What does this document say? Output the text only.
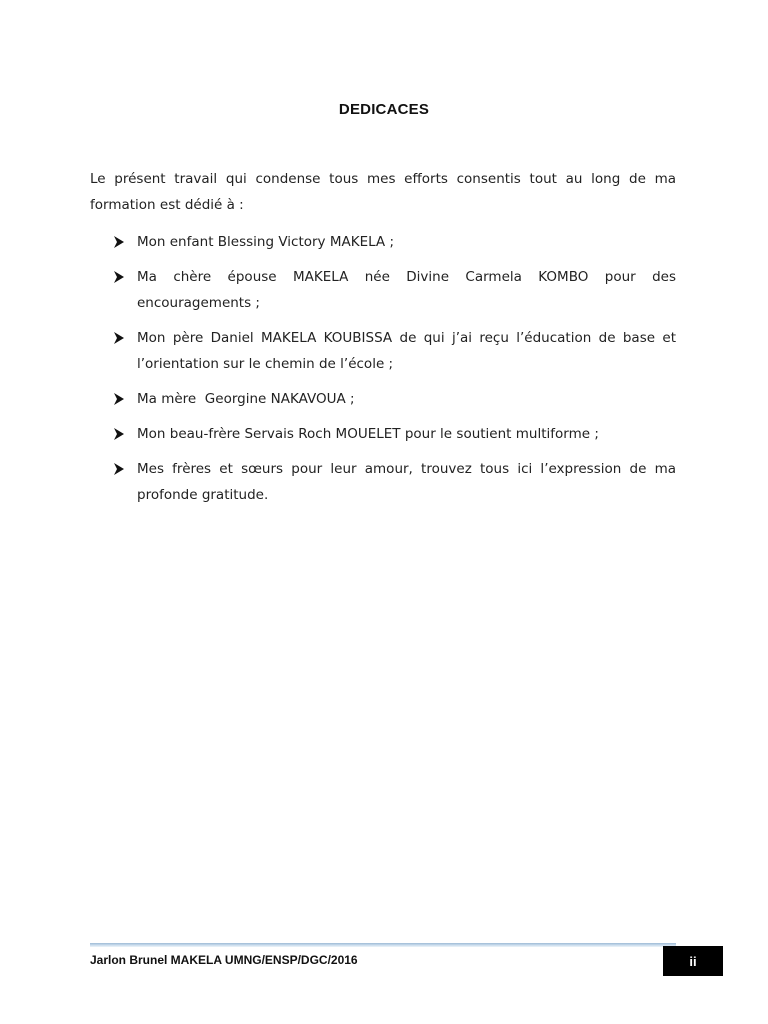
DEDICACES

Le présent travail qui condense tous mes efforts consentis tout au long de ma formation est dédié à :

Mon enfant Blessing Victory MAKELA ;
Ma chère épouse MAKELA née Divine Carmela KOMBO pour des encouragements ;
Mon père Daniel MAKELA KOUBISSA de qui j’ai reçu l’éducation de base et l’orientation sur le chemin de l’école ;
Ma mère  Georgine NAKAVOUA ;
Mon beau-frère Servais Roch MOUELET pour le soutient multiforme ;
Mes frères et sœurs pour leur amour, trouvez tous ici l’expression de ma profonde gratitude.
Jarlon Brunel MAKELA UMNG/ENSP/DGC/2016	ii
